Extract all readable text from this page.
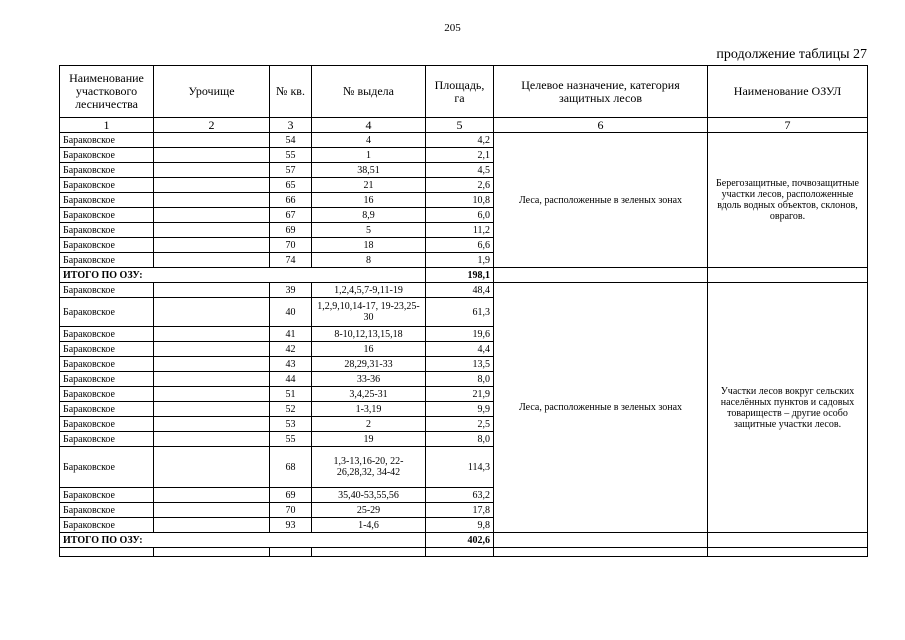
205
продолжение таблицы 27
Наименование участкового лесничества	Урочище	№ кв.	№ выдела	Площадь, га	Целевое назначение, категория защитных лесов	Наименование ОЗУЛ
1	2	3	4	5	6	7
Бараковское		54	4	4,2	Леса, расположенные в зеленых зонах	Берегозащитные, почвозащитные участки лесов, расположенные вдоль водных объектов, склонов, оврагов.
Бараковское		55	1	2,1		
Бараковское		57	38,51	4,5		
Бараковское		65	21	2,6		
Бараковское		66	16	10,8		
Бараковское		67	8,9	6,0		
Бараковское		69	5	11,2		
Бараковское		70	18	6,6		
Бараковское		74	8	1,9		
ИТОГО ПО ОЗУ:				198,1		
Бараковское		39	1,2,4,5,7-9,11-19	48,4	Леса, расположенные в зеленых зонах	Участки лесов вокруг сельских населённых пунктов и садовых товариществ – другие особо защитные участки лесов.
Бараковское		40	1,2,9,10,14-17, 19-23,25-30	61,3		
Бараковское		41	8-10,12,13,15,18	19,6		
Бараковское		42	16	4,4		
Бараковское		43	28,29,31-33	13,5		
Бараковское		44	33-36	8,0		
Бараковское		51	3,4,25-31	21,9		
Бараковское		52	1-3,19	9,9		
Бараковское		53	2	2,5		
Бараковское		55	19	8,0		
Бараковское		68	1,3-13,16-20, 22-26,28,32, 34-42	114,3		
Бараковское		69	35,40-53,55,56	63,2		
Бараковское		70	25-29	17,8		
Бараковское		93	1-4,6	9,8		
ИТОГО ПО ОЗУ:				402,6		
